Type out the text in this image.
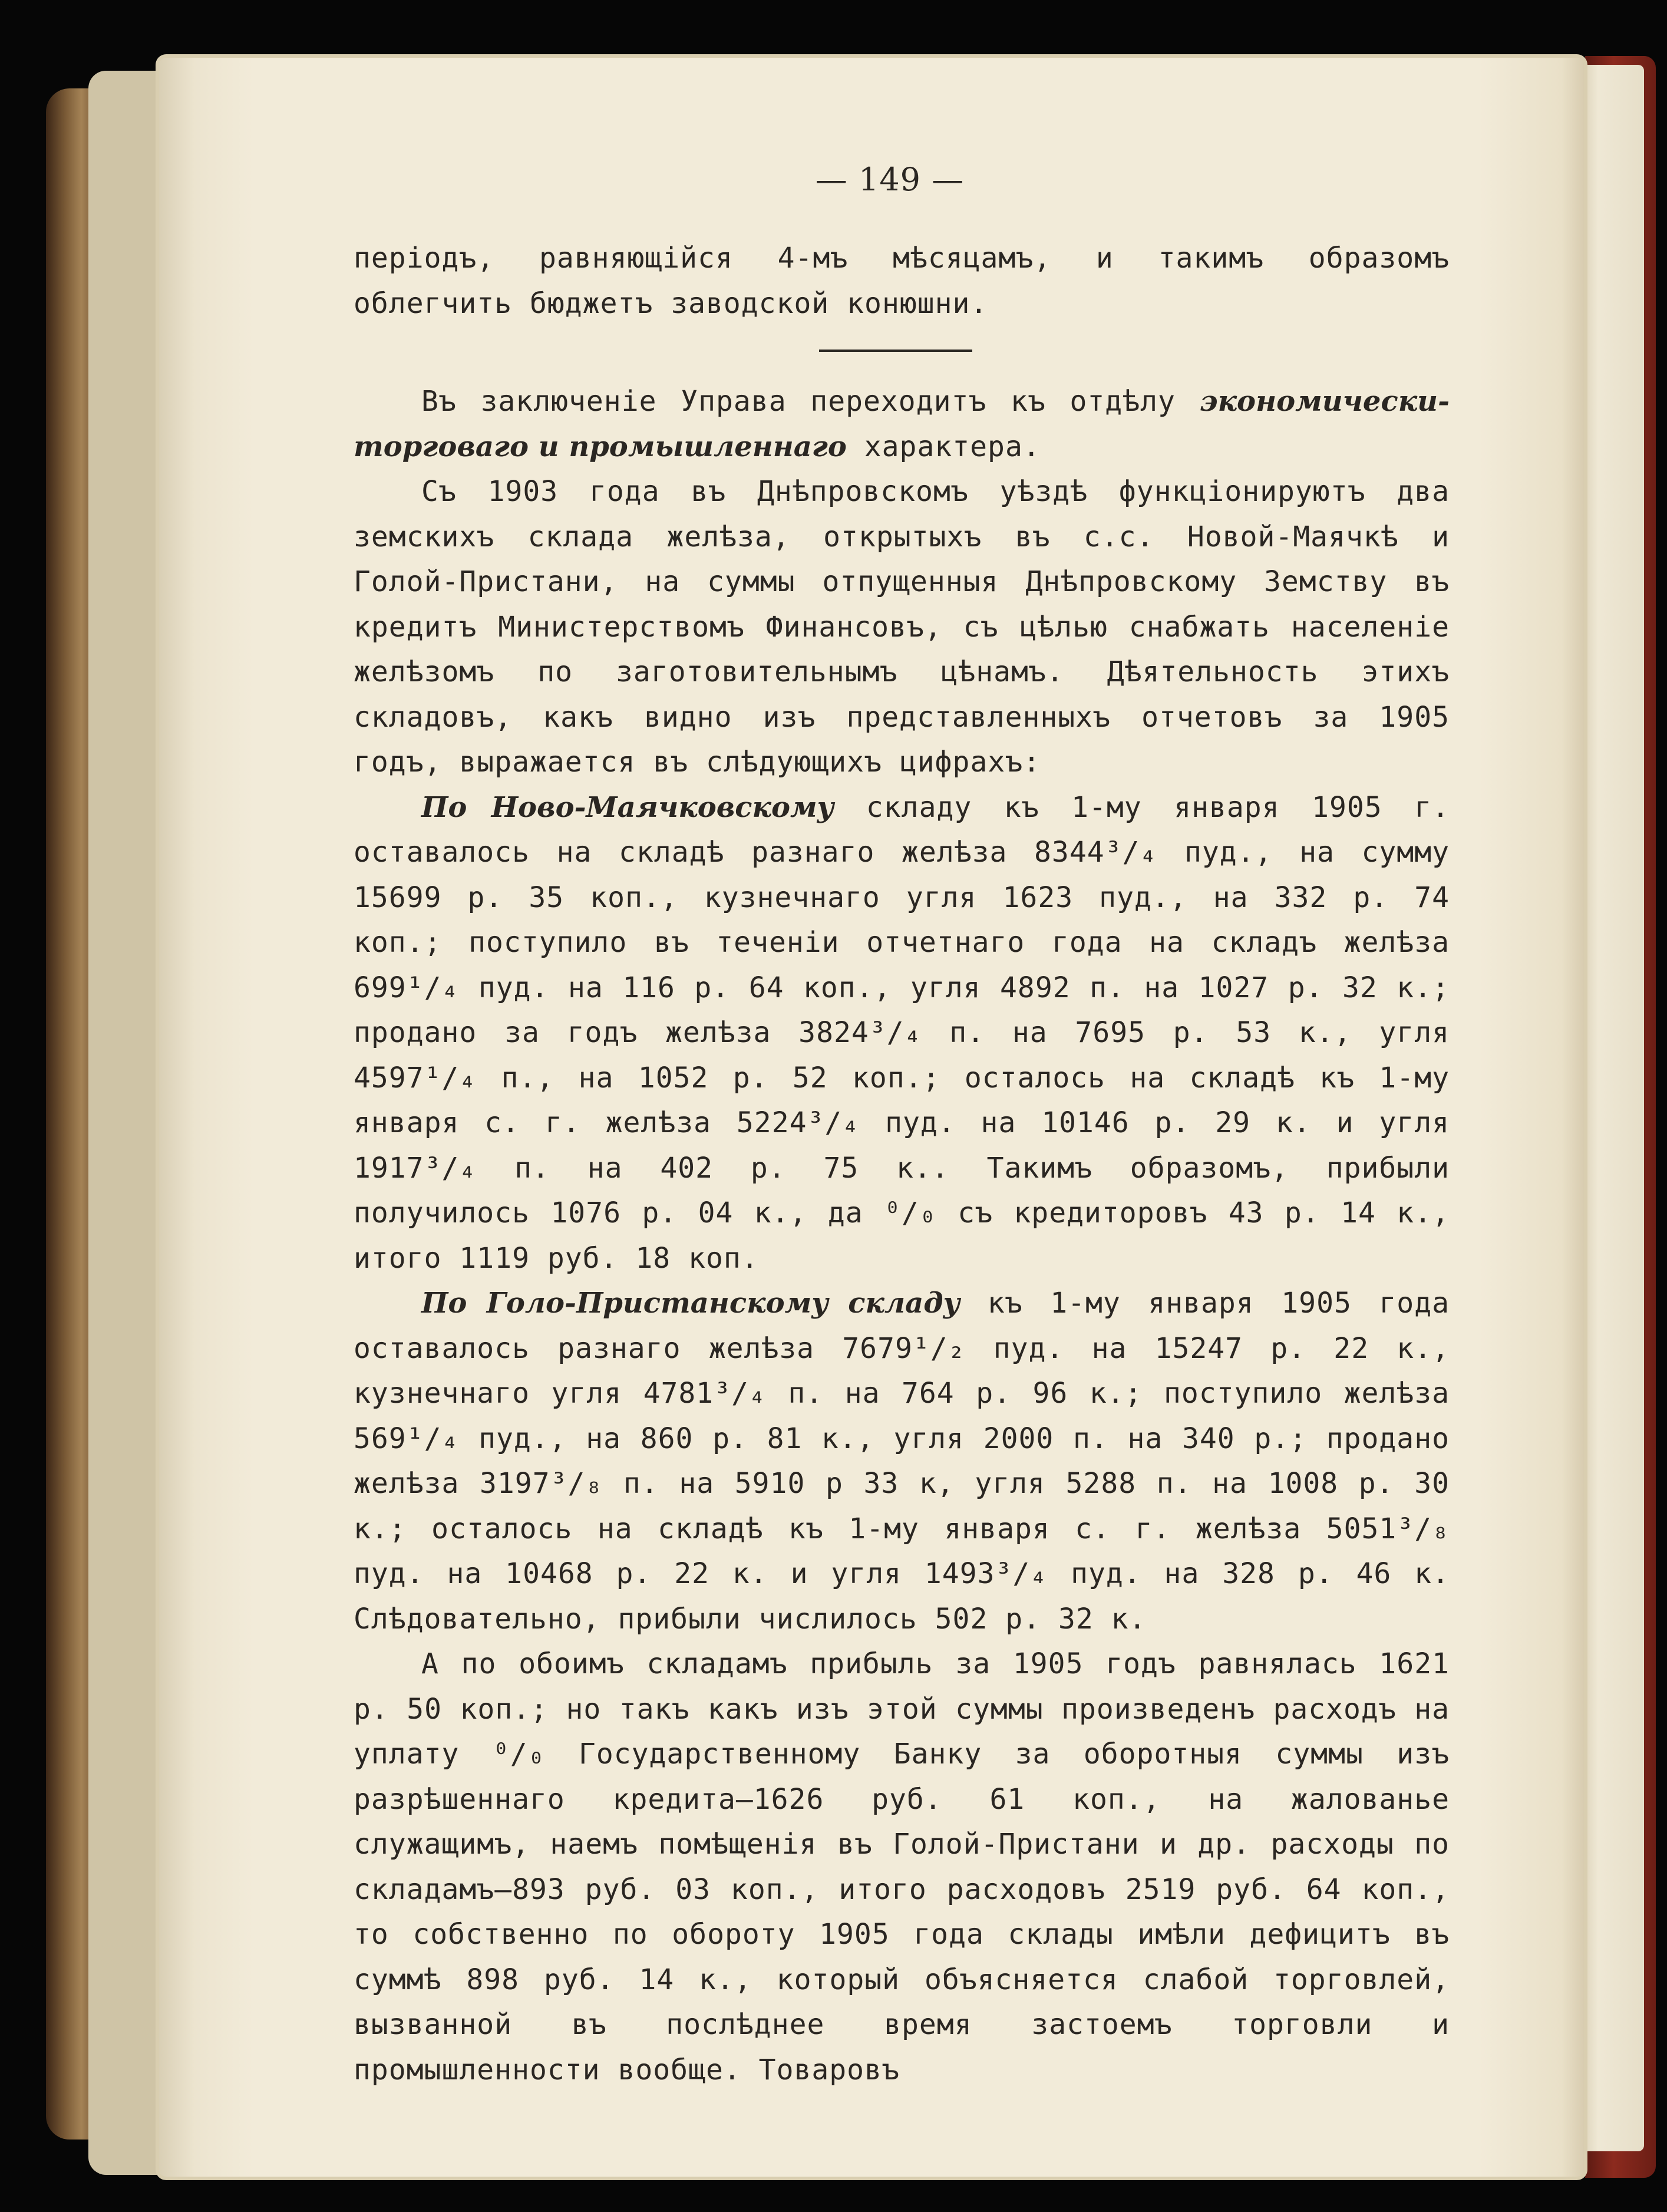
— 149 —

періодъ, равняющійся 4-мъ мѣсяцамъ, и такимъ образомъ облегчить бюджетъ заводской конюшни.

Въ заключеніе Управа переходитъ къ отдѣлу экономически-торговаго и промышленнаго характера.

Съ 1903 года въ Днѣпровскомъ уѣздѣ функціонируютъ два земскихъ склада желѣза, открытыхъ въ с.с. Новой-Маячкѣ и Голой-Пристани, на суммы отпущенныя Днѣпровскому Земству въ кредитъ Министерствомъ Финансовъ, съ цѣлью снабжать населеніе желѣзомъ по заготовительнымъ цѣнамъ. Дѣятельность этихъ складовъ, какъ видно изъ представленныхъ отчетовъ за 1905 годъ, выражается въ слѣдующихъ цифрахъ:

По Ново-Маячковскому складу къ 1-му января 1905 г. оставалось на складѣ разнаго желѣза 8344³/₄ пуд., на сумму 15699 р. 35 коп., кузнечнаго угля 1623 пуд., на 332 р. 74 коп.; поступило въ теченіи отчетнаго года на складъ желѣза 699¹/₄ пуд. на 116 р. 64 коп., угля 4892 п. на 1027 р. 32 к.; продано за годъ желѣза 3824³/₄ п. на 7695 р. 53 к., угля 4597¹/₄ п., на 1052 р. 52 коп.; осталось на складѣ къ 1-му января с. г. желѣза 5224³/₄ пуд. на 10146 р. 29 к. и угля 1917³/₄ п. на 402 р. 75 к.. Такимъ образомъ, прибыли получилось 1076 р. 04 к., да ⁰/₀ съ кредиторовъ 43 р. 14 к., итого 1119 руб. 18 коп.

По Голо-Пристанскому складу къ 1-му января 1905 года оставалось разнаго желѣза 7679¹/₂ пуд. на 15247 р. 22 к., кузнечнаго угля 4781³/₄ п. на 764 р. 96 к.; поступило желѣза 569¹/₄ пуд., на 860 р. 81 к., угля 2000 п. на 340 р.; продано желѣза 3197³/₈ п. на 5910 р 33 к, угля 5288 п. на 1008 р. 30 к.; осталось на складѣ къ 1-му января с. г. желѣза 5051³/₈ пуд. на 10468 р. 22 к. и угля 1493³/₄ пуд. на 328 р. 46 к. Слѣдовательно, прибыли числилось 502 р. 32 к.

А по обоимъ складамъ прибыль за 1905 годъ равнялась 1621 р. 50 коп.; но такъ какъ изъ этой суммы произведенъ расходъ на уплату ⁰/₀ Государственному Банку за оборотныя суммы изъ разрѣшеннаго кредита—1626 руб. 61 коп., на жалованье служащимъ, наемъ помѣщенія въ Голой-Пристани и др. расходы по складамъ—893 руб. 03 коп., итого расходовъ 2519 руб. 64 коп., то собственно по обороту 1905 года склады имѣли дефицитъ въ суммѣ 898 руб. 14 к., который объясняется слабой торговлей, вызванной въ послѣднее время застоемъ торговли и промышленности вообще. Товаровъ
